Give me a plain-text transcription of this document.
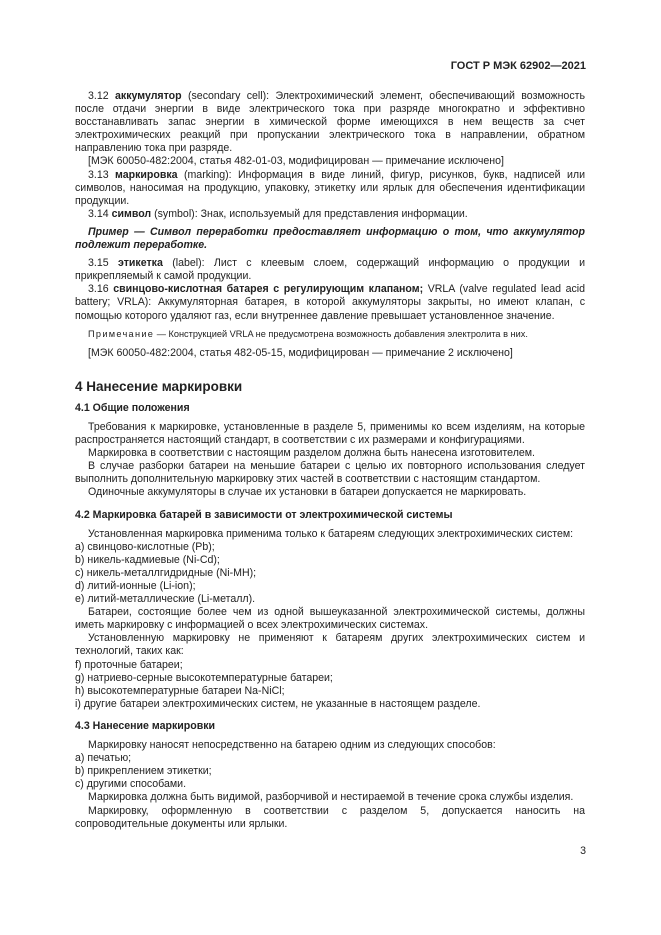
ГОСТ Р МЭК 62902—2021

3.12 аккумулятор (secondary cell): Электрохимический элемент, обеспечивающий возможность после отдачи энергии в виде электрического тока при разряде многократно и эффективно восстанавливать запас энергии в химической форме имеющихся в нем веществ за счет электрохимических реакций при пропускании электрического тока в направлении, обратном направлению тока при разряде.

[МЭК 60050-482:2004, статья 482-01-03, модифицирован — примечание исключено]

3.13 маркировка (marking): Информация в виде линий, фигур, рисунков, букв, надписей или символов, наносимая на продукцию, упаковку, этикетку или ярлык для обеспечения идентификации продукции.

3.14 символ (symbol): Знак, используемый для представления информации.

Пример — Символ переработки предоставляет информацию о том, что аккумулятор подлежит переработке.

3.15 этикетка (label): Лист с клеевым слоем, содержащий информацию о продукции и прикрепляемый к самой продукции.

3.16 свинцово-кислотная батарея с регулирующим клапаном; VRLA (valve regulated lead acid battery; VRLA): Аккумуляторная батарея, в которой аккумуляторы закрыты, но имеют клапан, с помощью которого удаляют газ, если внутреннее давление превышает установленное значение.

Примечание — Конструкцией VRLA не предусмотрена возможность добавления электролита в них.

[МЭК 60050-482:2004, статья 482-05-15, модифицирован — примечание 2 исключено]

4 Нанесение маркировки
4.1 Общие положения

Требования к маркировке, установленные в разделе 5, применимы ко всем изделиям, на которые распространяется настоящий стандарт, в соответствии с их размерами и конфигурациями.

Маркировка в соответствии с настоящим разделом должна быть нанесена изготовителем.

В случае разборки батареи на меньшие батареи с целью их повторного использования следует выполнить дополнительную маркировку этих частей в соответствии с настоящим стандартом.

Одиночные аккумуляторы в случае их установки в батареи допускается не маркировать.

4.2 Маркировка батарей в зависимости от электрохимической системы

Установленная маркировка применима только к батареям следующих электрохимических систем:

a) свинцово-кислотные (Pb);

b) никель-кадмиевые (Ni-Cd);

c) никель-металлгидридные (Ni-MH);

d) литий-ионные (Li-ion);

e) литий-металлические (Li-металл).

Батареи, состоящие более чем из одной вышеуказанной электрохимической системы, должны иметь маркировку с информацией о всех электрохимических системах.

Установленную маркировку не применяют к батареям других электрохимических систем и технологий, таких как:

f) проточные батареи;

g) натриево-серные высокотемпературные батареи;

h) высокотемпературные батареи Na-NiCl;

i) другие батареи электрохимических систем, не указанные в настоящем разделе.

4.3 Нанесение маркировки

Маркировку наносят непосредственно на батарею одним из следующих способов:

a) печатью;

b) прикреплением этикетки;

c) другими способами.

Маркировка должна быть видимой, разборчивой и нестираемой в течение срока службы изделия.

Маркировку, оформленную в соответствии с разделом 5, допускается наносить на сопроводительные документы или ярлыки.

3
